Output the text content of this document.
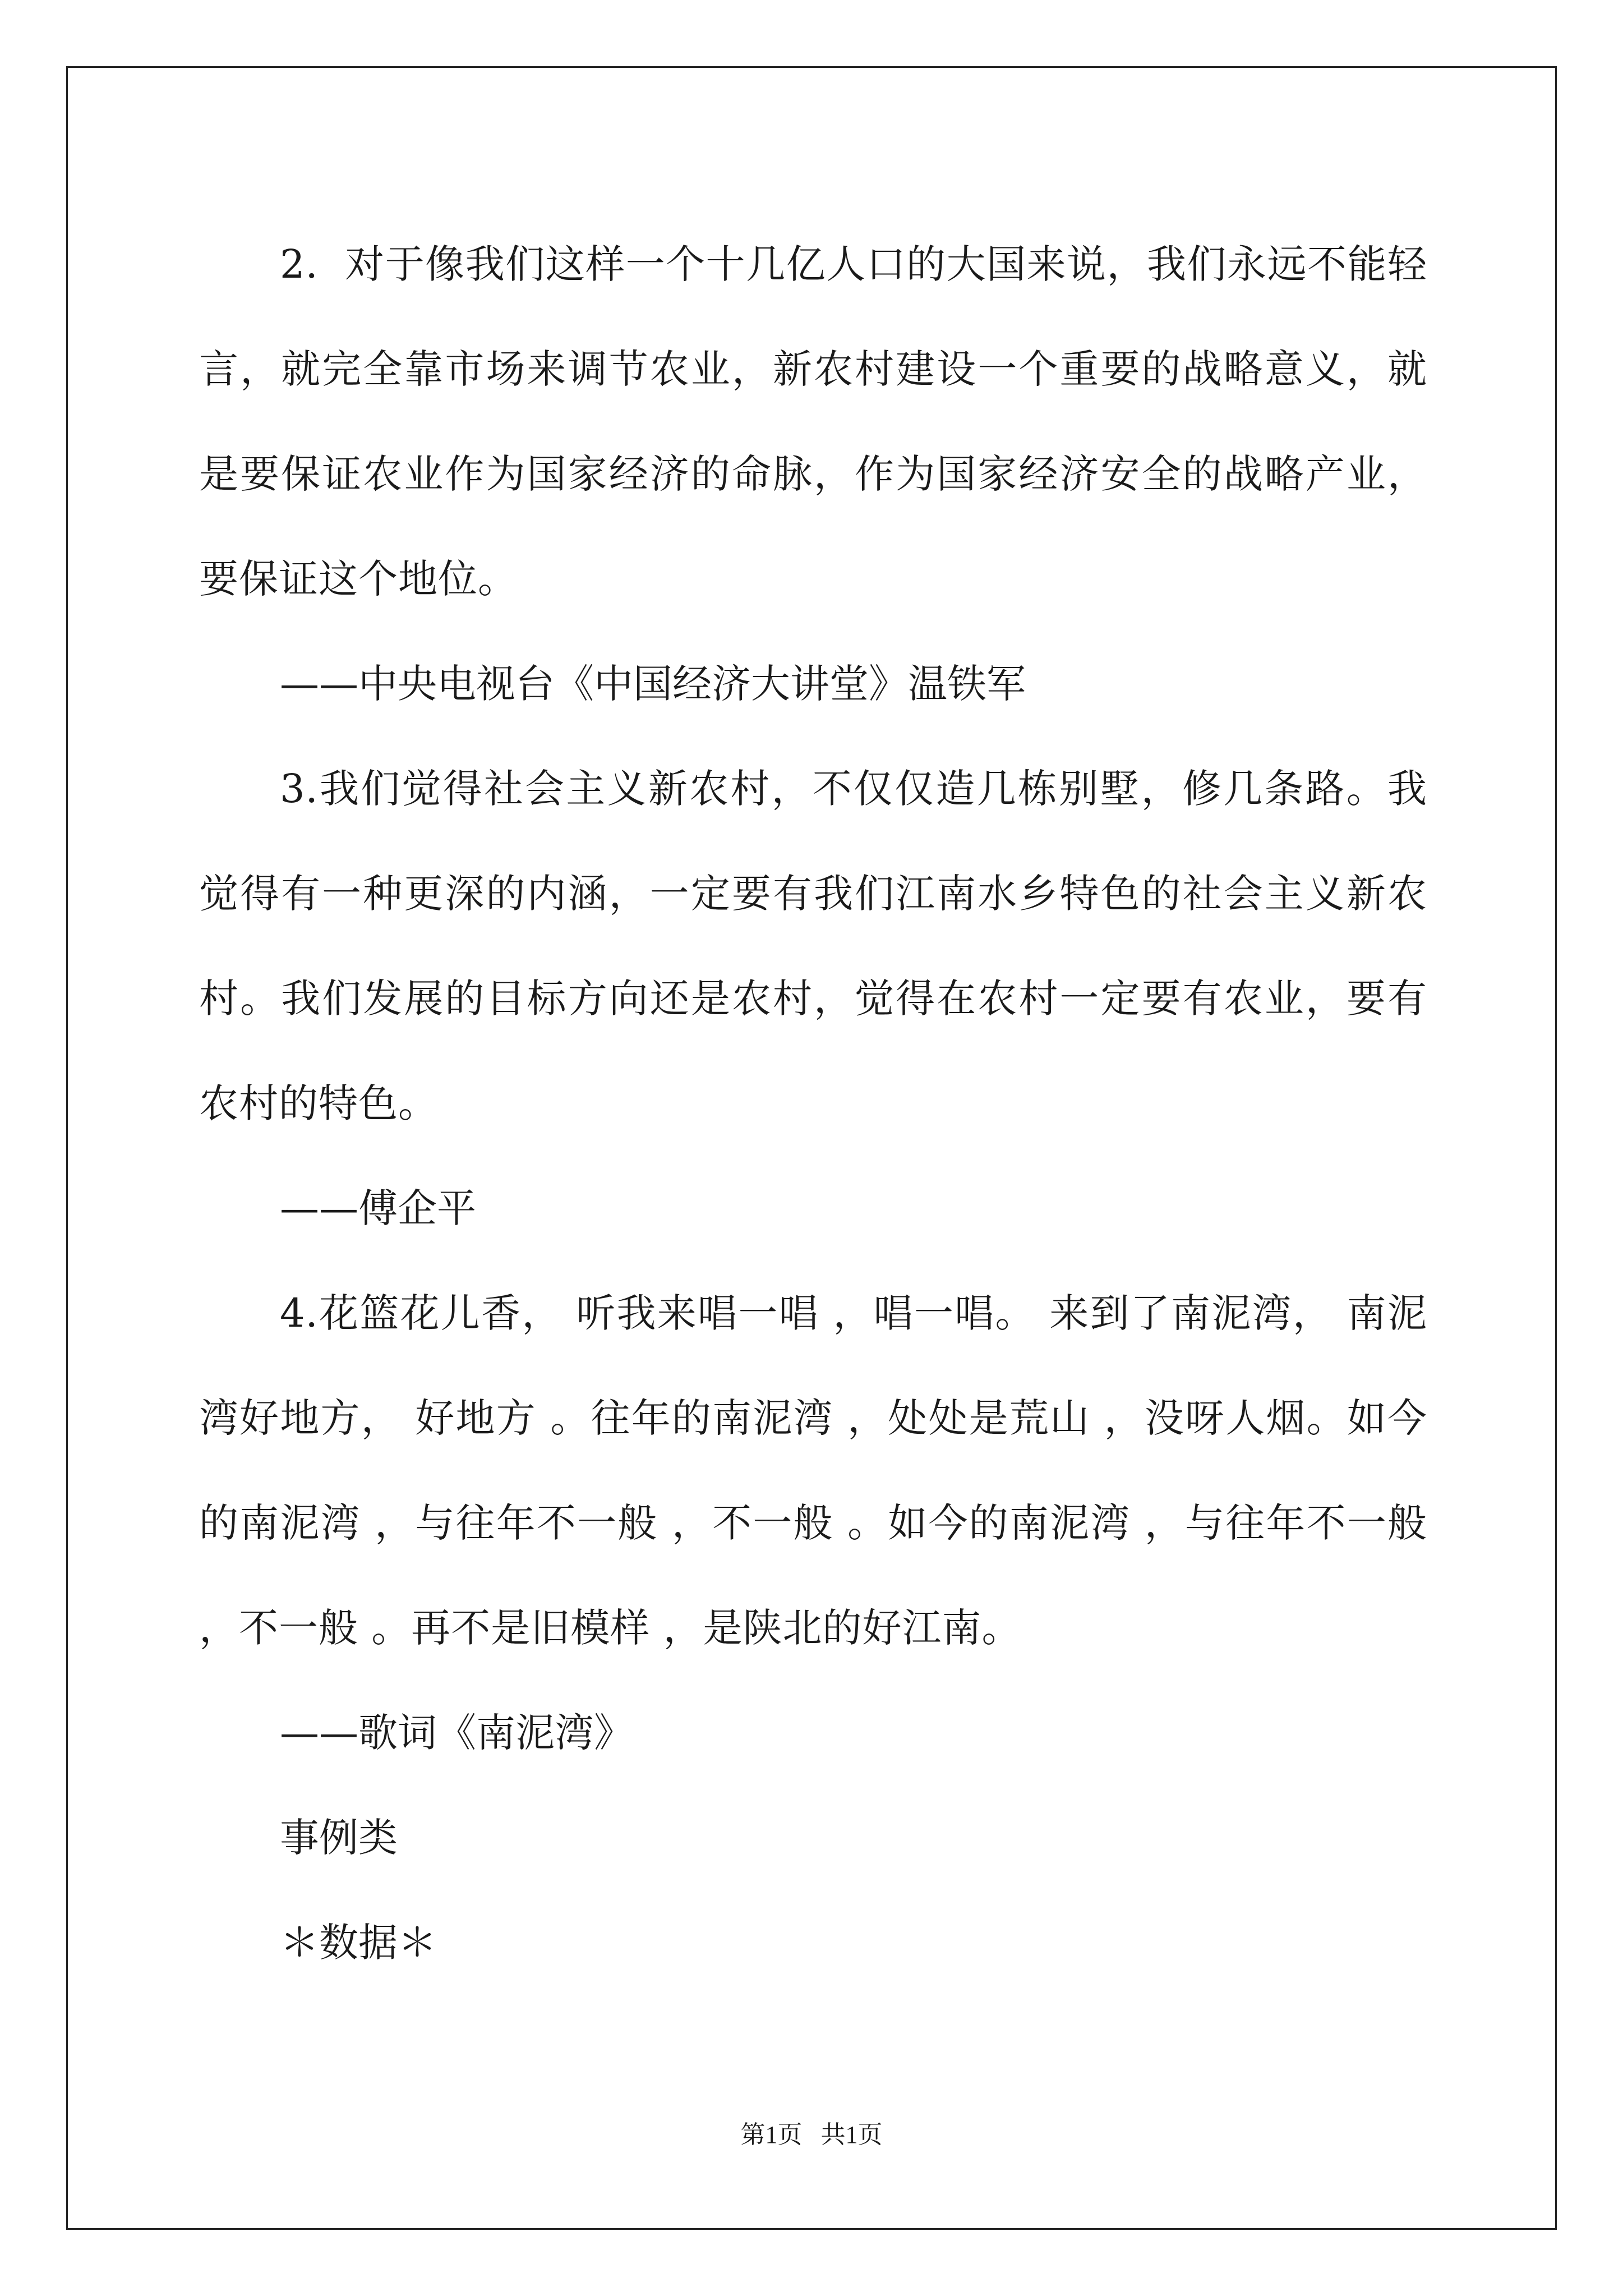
2.  对于像我们这样一个十几亿人口的大国来说，我们永远不能轻言，就完全靠市场来调节农业，新农村建设一个重要的战略意义，就是要保证农业作为国家经济的命脉，作为国家经济安全的战略产业，要保证这个地位。

——中央电视台《中国经济大讲堂》温铁军

3.我们觉得社会主义新农村，不仅仅造几栋别墅，修几条路。我觉得有一种更深的内涵，一定要有我们江南水乡特色的社会主义新农村。我们发展的目标方向还是农村，觉得在农村一定要有农业，要有农村的特色。

——傅企平

4.花篮花儿香， 听我来唱一唱 ，唱一唱。 来到了南泥湾， 南泥湾好地方， 好地方 。往年的南泥湾 ，处处是荒山 ，没呀人烟。如今的南泥湾 ，与往年不一般 ，不一般 。如今的南泥湾 ，与往年不一般 ，不一般 。再不是旧模样 ，是陕北的好江南。

——歌词《南泥湾》

事例类

＊数据＊

第1页 共1页
